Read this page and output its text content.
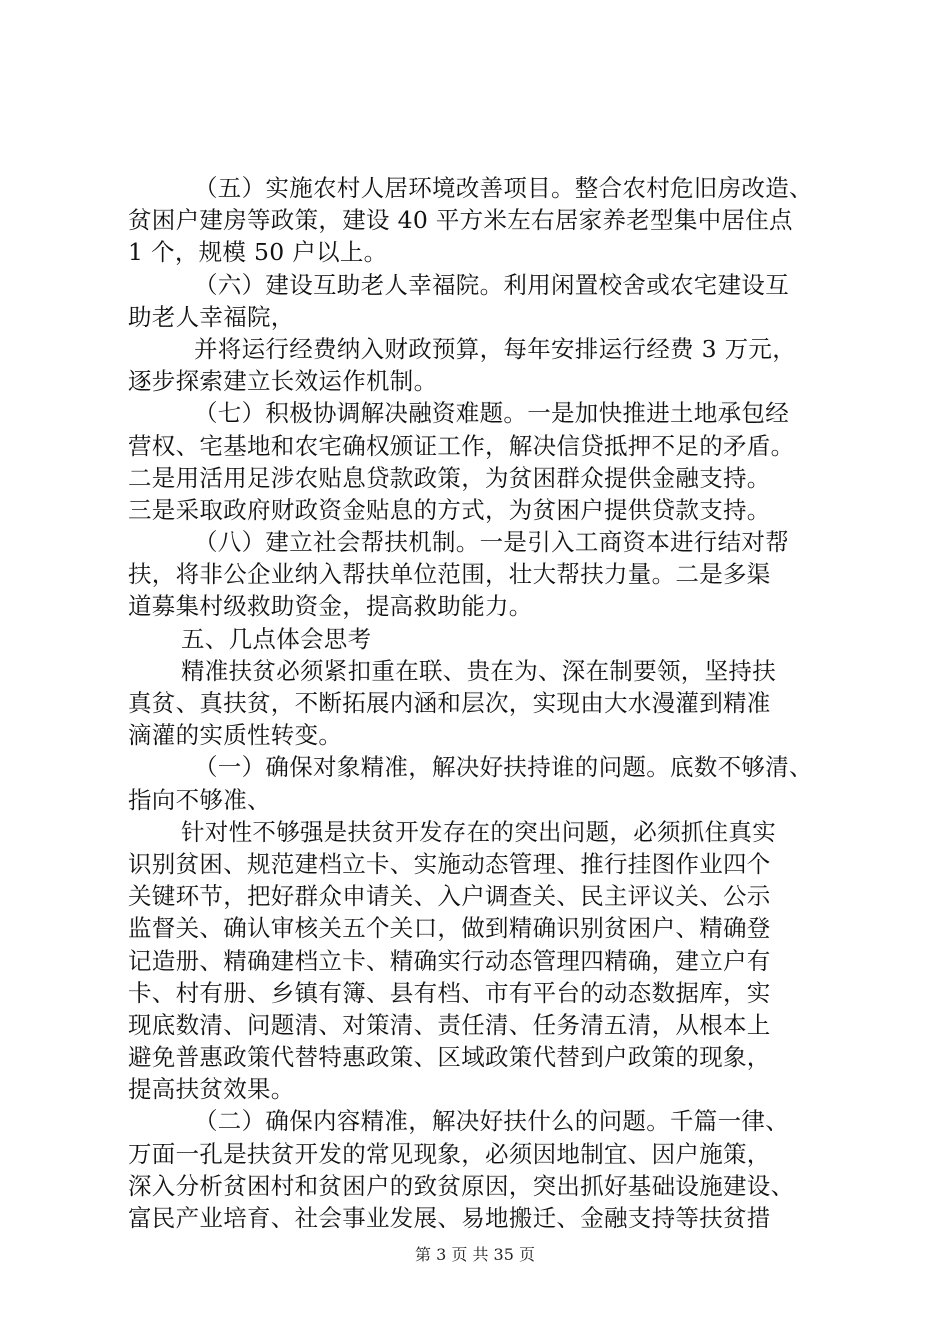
（五）实施农村人居环境改善项目。整合农村危旧房改造、
贫困户建房等政策，建设 40 平方米左右居家养老型集中居住点
1 个，规模 50 户以上。
（六）建设互助老人幸福院。利用闲置校舍或农宅建设互
助老人幸福院，
并将运行经费纳入财政预算，每年安排运行经费 3 万元，
逐步探索建立长效运作机制。
（七）积极协调解决融资难题。一是加快推进土地承包经
营权、宅基地和农宅确权颁证工作，解决信贷抵押不足的矛盾。
二是用活用足涉农贴息贷款政策，为贫困群众提供金融支持。
三是采取政府财政资金贴息的方式，为贫困户提供贷款支持。
（八）建立社会帮扶机制。一是引入工商资本进行结对帮
扶，将非公企业纳入帮扶单位范围，壮大帮扶力量。二是多渠
道募集村级救助资金，提高救助能力。
五、几点体会思考
精准扶贫必须紧扣重在联、贵在为、深在制要领，坚持扶
真贫、真扶贫，不断拓展内涵和层次，实现由大水漫灌到精准
滴灌的实质性转变。
（一）确保对象精准，解决好扶持谁的问题。底数不够清、
指向不够准、
针对性不够强是扶贫开发存在的突出问题，必须抓住真实
识别贫困、规范建档立卡、实施动态管理、推行挂图作业四个
关键环节，把好群众申请关、入户调查关、民主评议关、公示
监督关、确认审核关五个关口，做到精确识别贫困户、精确登
记造册、精确建档立卡、精确实行动态管理四精确，建立户有
卡、村有册、乡镇有簿、县有档、市有平台的动态数据库，实
现底数清、问题清、对策清、责任清、任务清五清，从根本上
避免普惠政策代替特惠政策、区域政策代替到户政策的现象，
提高扶贫效果。
（二）确保内容精准，解决好扶什么的问题。千篇一律、
万面一孔是扶贫开发的常见现象，必须因地制宜、因户施策，
深入分析贫困村和贫困户的致贫原因，突出抓好基础设施建设、
富民产业培育、社会事业发展、易地搬迁、金融支持等扶贫措
第 3 页 共 35 页
